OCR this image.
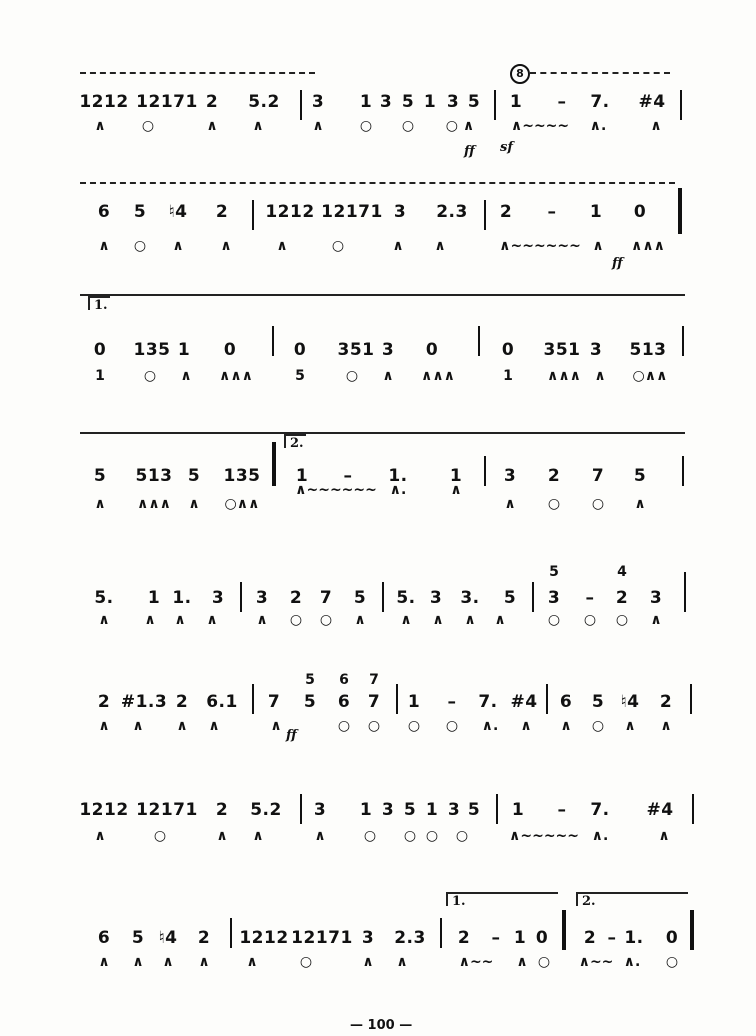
8
1212 12171 2 5.2 3 1 3 5 1 3 5 1 – 7. #4
∧	○	∧ ∧	∧	○ ○ ○ ∧	∧~~~~ ∧.	∧
ff sf
6 5 ♮4 2 1212 12171 3 2.3 2 – 1 0
∧ ○ ∧	∧	∧	○	∧ ∧	∧~~~~~~ ∧ ∧∧∧
ff
1.
0 135 1 0	0 351 3 0	0 351 3 513
1	○ ∧ ∧∧∧	5	○ ∧ ∧∧∧	1 ∧∧∧ ∧ ○∧∧
2.
5 513 5 135 1 – 1. 1 3 2 7 5
∧ ∧∧∧ ∧ ○∧∧
∧~~~~~~ ∧.	∧
∧ ○ ○ ∧
5	4
5. 1 1. 3 3 2 7 5 5. 3 3. 5 3 – 2 3
∧ ∧ ∧ ∧	∧ ○ ○ ∧ ∧ ∧ ∧ ∧	○ ○ ○ ∧
5 6 7
2 #1.3 2 6.1 7 5 6 7 1 – 7. #4 6 5 ♮4 2
∧ ∧ ∧ ∧	∧	○ ○ ○ ○ ∧. ∧ ∧ ○ ∧ ∧
ff
1212 12171 2 5.2 3 1 3 5 1 3 5 1 – 7. #4
∧	○	∧ ∧	∧	○ ○ ○ ○	∧~~~~~ ∧.	∧
1.	2.
6 5 ♮4 2 1212 12171 3 2.3 2 – 1 0 2 – 1. 0
∧ ∧ ∧ ∧	∧	○	∧ ∧	∧~~ ∧ ○ ∧~~ ∧. ○
— 100 —
